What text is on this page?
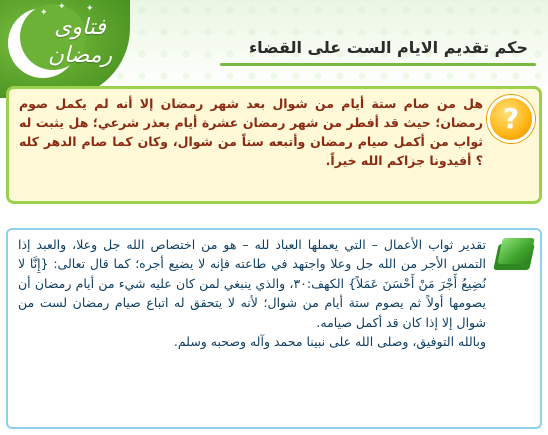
✦
✦ ✦
فتاوى
رمضان	حكم تقديم الايام الست على القضاء
?
هل من صام ستة أيام من شوال بعد شهر رمضان إلا أنه لم يكمل صوم رمضان؛ حيث قد أفطر من شهر رمضان عشرة أيام بعذر شرعي؛ هل يثبت له ثواب من أكمل صيام رمضان وأتبعه ستاً من شوال، وكان كما صام الدهر كله ؟ أفيدونا جزاكم الله خيراً.

تقدير ثواب الأعمال – التي يعملها العباد لله – هو من اختصاص الله جل وعلا، والعبد إذا التمس الأجر من الله جل وعلا واجتهد في طاعته فإنه لا يضيع أجره؛ كما قال تعالى: {إِنَّا لا نُضِيعُ أَجْرَ مَنْ أَحْسَنَ عَمَلاً} الكهف:٣٠، والذي ينبغي لمن كان عليه شيء من أيام رمضان أن يصومها أولاً ثم يصوم ستة أيام من شوال؛ لأنه لا يتحقق له اتباع صيام رمضان لست من شوال إلا إذا كان قد أكمل صيامه.

وبالله التوفيق، وصلى الله على نبينا محمد وآله وصحبه وسلم.
